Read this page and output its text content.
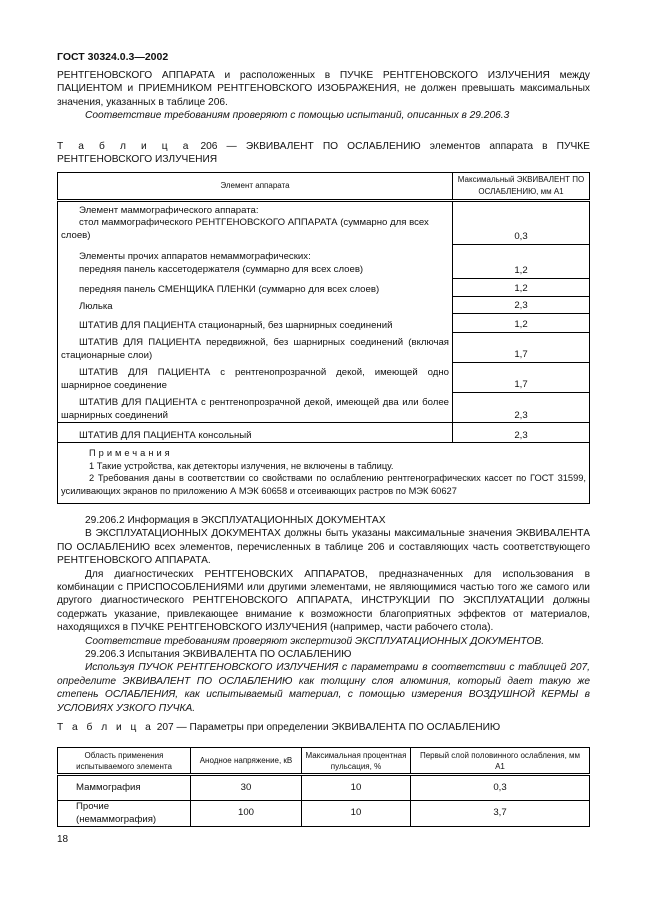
ГОСТ 30324.0.3—2002
РЕНТГЕНОВСКОГО АППАРАТА и расположенных в ПУЧКЕ РЕНТГЕНОВСКОГО ИЗЛУЧЕНИЯ между ПАЦИЕНТОМ и ПРИЕМНИКОМ РЕНТГЕНОВСКОГО ИЗОБРАЖЕНИЯ, не должен превышать максимальных значения, указанных в таблице 206.
Соответствие требованиям проверяют с помощью испытаний, описанных в 29.206.3
Т а б л и ц а 206 — ЭКВИВАЛЕНТ ПО ОСЛАБЛЕНИЮ элементов аппарата в ПУЧКЕ РЕНТГЕНОВСКОГО ИЗЛУЧЕНИЯ
Элемент аппарата	Максимальный ЭКВИВАЛЕНТ ПО ОСЛАБЛЕНИЮ, мм А1

Элемент маммографического аппарата:
стол маммографического РЕНТГЕНОВСКОГО АППАРАТА (суммарно для всех слоев)	0,3

Элементы прочих аппаратов немаммографических:
передняя панель кассетодержателя (суммарно для всех слоев)	1,2
передняя панель СМЕНЩИКА ПЛЕНКИ (суммарно для всех слоев)	1,2
Люлька	2,3
ШТАТИВ ДЛЯ ПАЦИЕНТА стационарный, без шарнирных соединений	1,2
ШТАТИВ ДЛЯ ПАЦИЕНТА передвижной, без шарнирных соединений (включая стационарные слои)	1,7
ШТАТИВ ДЛЯ ПАЦИЕНТА с рентгенопрозрачной декой, имеющей одно шарнирное соединение	1,7
ШТАТИВ ДЛЯ ПАЦИЕНТА с рентгенопрозрачной декой, имеющей два или более шарнирных соединений	2,3
ШТАТИВ ДЛЯ ПАЦИЕНТА консольный	2,3

Примечания
1 Такие устройства, как детекторы излучения, не включены в таблицу.
2 Требования даны в соответствии со свойствами по ослаблению рентгенографических кассет по ГОСТ 31599, усиливающих экранов по приложению А МЭК 60658 и отсеивающих растров по МЭК 60627	
29.206.2 Информация в ЭКСПЛУАТАЦИОННЫХ ДОКУМЕНТАХ
В ЭКСПЛУАТАЦИОННЫХ ДОКУМЕНТАХ должны быть указаны максимальные значения ЭКВИВАЛЕНТА ПО ОСЛАБЛЕНИЮ всех элементов, перечисленных в таблице 206 и составляющих часть соответствующего РЕНТГЕНОВСКОГО АППАРАТА.
Для диагностических РЕНТГЕНОВСКИХ АППАРАТОВ, предназначенных для использования в комбинации с ПРИСПОСОБЛЕНИЯМИ или другими элементами, не являющимися частью того же самого или другого диагностического РЕНТГЕНОВСКОГО АППАРАТА, ИНСТРУКЦИИ ПО ЭКСПЛУАТАЦИИ должны содержать указание, привлекающее внимание к возможности благоприятных эффектов от материалов, находящихся в ПУЧКЕ РЕНТГЕНОВСКОГО ИЗЛУЧЕНИЯ (например, части рабочего стола).
Соответствие требованиям проверяют экспертизой ЭКСПЛУАТАЦИОННЫХ ДОКУМЕНТОВ.
29.206.3 Испытания ЭКВИВАЛЕНТА ПО ОСЛАБЛЕНИЮ
Используя ПУЧОК РЕНТГЕНОВСКОГО ИЗЛУЧЕНИЯ с параметрами в соответствии с таблицей 207, определите ЭКВИВАЛЕНТ ПО ОСЛАБЛЕНИЮ как толщину слоя алюминия, который дает такую же степень ОСЛАБЛЕНИЯ, как испытываемый материал, с помощью измерения ВОЗДУШНОЙ КЕРМЫ в УСЛОВИЯХ УЗКОГО ПУЧКА.
Т а б л и ц а 207 — Параметры при определении ЭКВИВАЛЕНТА ПО ОСЛАБЛЕНИЮ
Область применения испытываемого элемента	Анодное напряжение, кВ	Максимальная процентная пульсация, %	Первый слой половинного ослабления, мм А1
Маммография	30	10	0,3
Прочие (немаммография)	100	10	3,7
18
